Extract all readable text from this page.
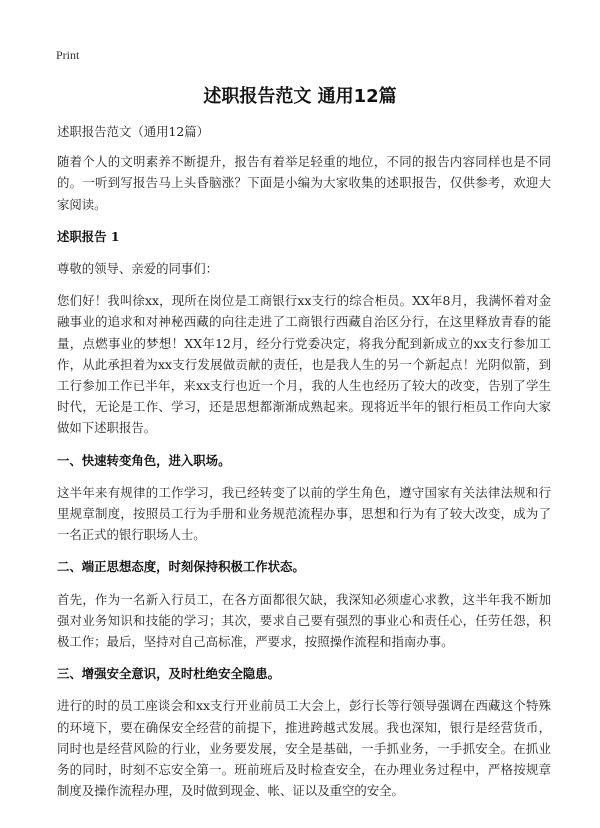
Print
述职报告范文 通用12篇

述职报告范文（通用12篇）

随着个人的文明素养不断提升，报告有着举足轻重的地位，不同的报告内容同样也是不同的。一听到写报告马上头昏脑涨？下面是小编为大家收集的述职报告，仅供参考，欢迎大家阅读。

述职报告 1

尊敬的领导、亲爱的同事们：

您们好！我叫徐xx，现所在岗位是工商银行xx支行的综合柜员。XX年8月，我满怀着对金融事业的追求和对神秘西藏的向往走进了工商银行西藏自治区分行，在这里释放青春的能量，点燃事业的梦想！XX年12月，经分行党委决定，将我分配到新成立的xx支行参加工作，从此承担着为xx支行发展做贡献的责任，也是我人生的另一个新起点！光阴似箭，到工行参加工作已半年，来xx支行也近一个月，我的人生也经历了较大的改变，告别了学生时代，无论是工作、学习，还是思想都渐渐成熟起来。现将近半年的银行柜员工作向大家做如下述职报告。

一、快速转变角色，进入职场。

这半年来有规律的工作学习，我已经转变了以前的学生角色，遵守国家有关法律法规和行里规章制度，按照员工行为手册和业务规范流程办事，思想和行为有了较大改变，成为了一名正式的银行职场人士。

二、端正思想态度，时刻保持积极工作状态。

首先，作为一名新入行员工，在各方面都很欠缺，我深知必须虚心求教，这半年我不断加强对业务知识和技能的学习；其次，要求自己要有强烈的事业心和责任心，任劳任怨，积极工作；最后，坚持对自己高标准，严要求，按照操作流程和指南办事。

三、增强安全意识，及时杜绝安全隐患。

进行的时的员工座谈会和xx支行开业前员工大会上，彭行长等行领导强调在西藏这个特殊的环境下，要在确保安全经营的前提下，推进跨越式发展。我也深知，银行是经营货币，同时也是经营风险的行业，业务要发展，安全是基础，一手抓业务，一手抓安全。在抓业务的同时，时刻不忘安全第一。班前班后及时检查安全，在办理业务过程中，严格按规章制度及操作流程办理，及时做到现金、帐、证以及重空的安全。
